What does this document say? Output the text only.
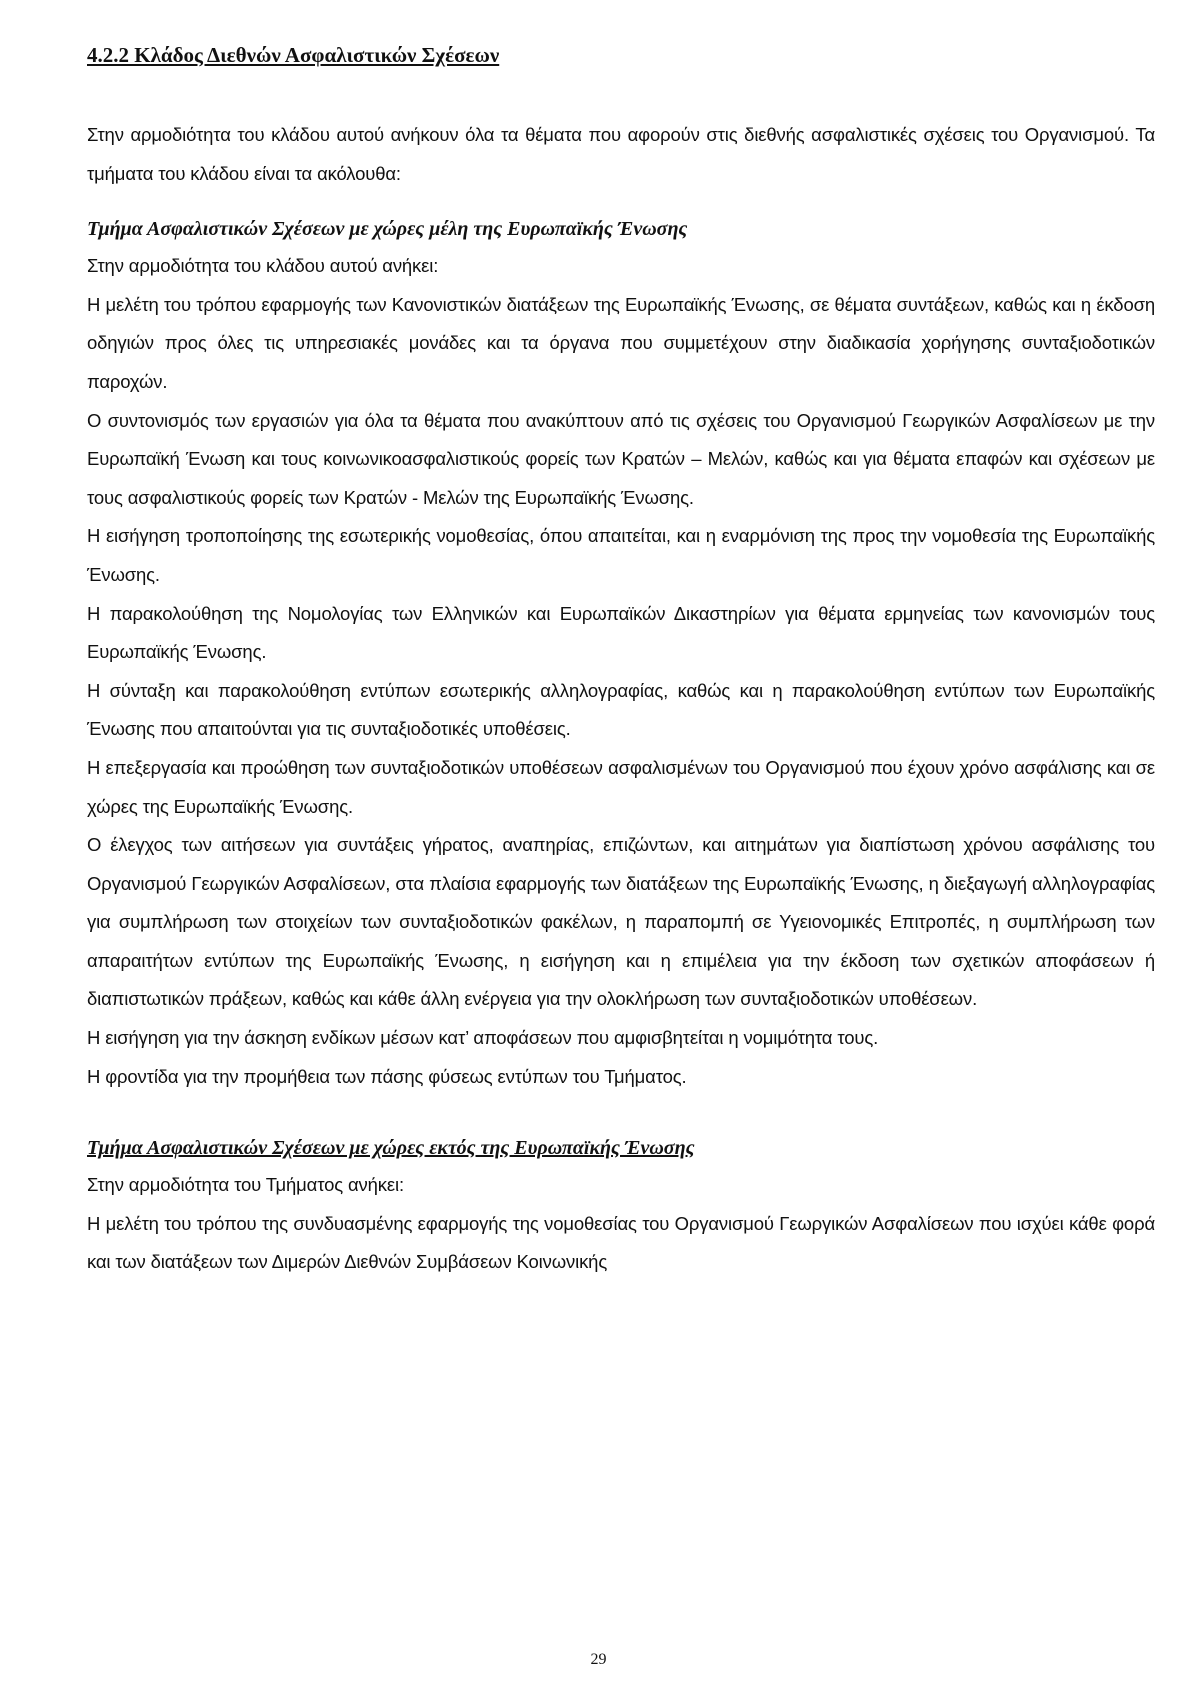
4.2.2 Κλάδος Διεθνών Ασφαλιστικών Σχέσεων

Στην αρμοδιότητα του κλάδου αυτού ανήκουν όλα τα θέματα που αφορούν στις διεθνής ασφαλιστικές σχέσεις του Οργανισμού. Τα τμήματα του κλάδου είναι τα ακόλουθα:

Τμήμα Ασφαλιστικών Σχέσεων με χώρες μέλη της Ευρωπαϊκής Ένωσης

Στην αρμοδιότητα του κλάδου αυτού ανήκει:

Η μελέτη του τρόπου εφαρμογής των Κανονιστικών διατάξεων της Ευρωπαϊκής Ένωσης, σε θέματα συντάξεων, καθώς και η έκδοση οδηγιών προς όλες τις υπηρεσιακές μονάδες και τα όργανα που συμμετέχουν στην διαδικασία χορήγησης συνταξιοδοτικών παροχών.

Ο συντονισμός των εργασιών για όλα τα θέματα που ανακύπτουν από τις σχέσεις του Οργανισμού Γεωργικών Ασφαλίσεων με την Ευρωπαϊκή Ένωση και τους κοινωνικοασφαλιστικούς φορείς των Κρατών – Μελών, καθώς και για θέματα επαφών και σχέσεων με τους ασφαλιστικούς φορείς των Κρατών - Μελών της Ευρωπαϊκής Ένωσης.

Η εισήγηση τροποποίησης της εσωτερικής νομοθεσίας, όπου απαιτείται, και η εναρμόνιση της προς την νομοθεσία της Ευρωπαϊκής Ένωσης.

Η παρακολούθηση της Νομολογίας των Ελληνικών και Ευρωπαϊκών Δικαστηρίων για θέματα ερμηνείας των κανονισμών τους Ευρωπαϊκής Ένωσης.

Η σύνταξη και παρακολούθηση εντύπων εσωτερικής αλληλογραφίας, καθώς και η παρακολούθηση εντύπων των Ευρωπαϊκής Ένωσης που απαιτούνται για τις συνταξιοδοτικές υποθέσεις.

Η επεξεργασία και προώθηση των συνταξιοδοτικών υποθέσεων ασφαλισμένων του Οργανισμού που έχουν χρόνο ασφάλισης και σε χώρες της Ευρωπαϊκής Ένωσης.

Ο έλεγχος των αιτήσεων για συντάξεις γήρατος, αναπηρίας, επιζώντων, και αιτημάτων για διαπίστωση χρόνου ασφάλισης του Οργανισμού Γεωργικών Ασφαλίσεων, στα πλαίσια εφαρμογής των διατάξεων της Ευρωπαϊκής Ένωσης, η διεξαγωγή αλληλογραφίας για συμπλήρωση των στοιχείων των συνταξιοδοτικών φακέλων, η παραπομπή σε Υγειονομικές Επιτροπές, η συμπλήρωση των απαραιτήτων εντύπων της Ευρωπαϊκής Ένωσης, η εισήγηση και η επιμέλεια για την έκδοση των σχετικών αποφάσεων ή διαπιστωτικών πράξεων, καθώς και κάθε άλλη ενέργεια για την ολοκλήρωση των συνταξιοδοτικών υποθέσεων.

Η εισήγηση για την άσκηση ενδίκων μέσων κατ’ αποφάσεων που αμφισβητείται η νομιμότητα τους.

Η φροντίδα για την προμήθεια των πάσης φύσεως εντύπων του Τμήματος.

Τμήμα Ασφαλιστικών Σχέσεων με χώρες εκτός της Ευρωπαϊκής Ένωσης

Στην αρμοδιότητα του Τμήματος ανήκει:

Η μελέτη του τρόπου της συνδυασμένης εφαρμογής της νομοθεσίας του Οργανισμού Γεωργικών Ασφαλίσεων που ισχύει κάθε φορά και των διατάξεων των Διμερών Διεθνών Συμβάσεων Κοινωνικής

29
